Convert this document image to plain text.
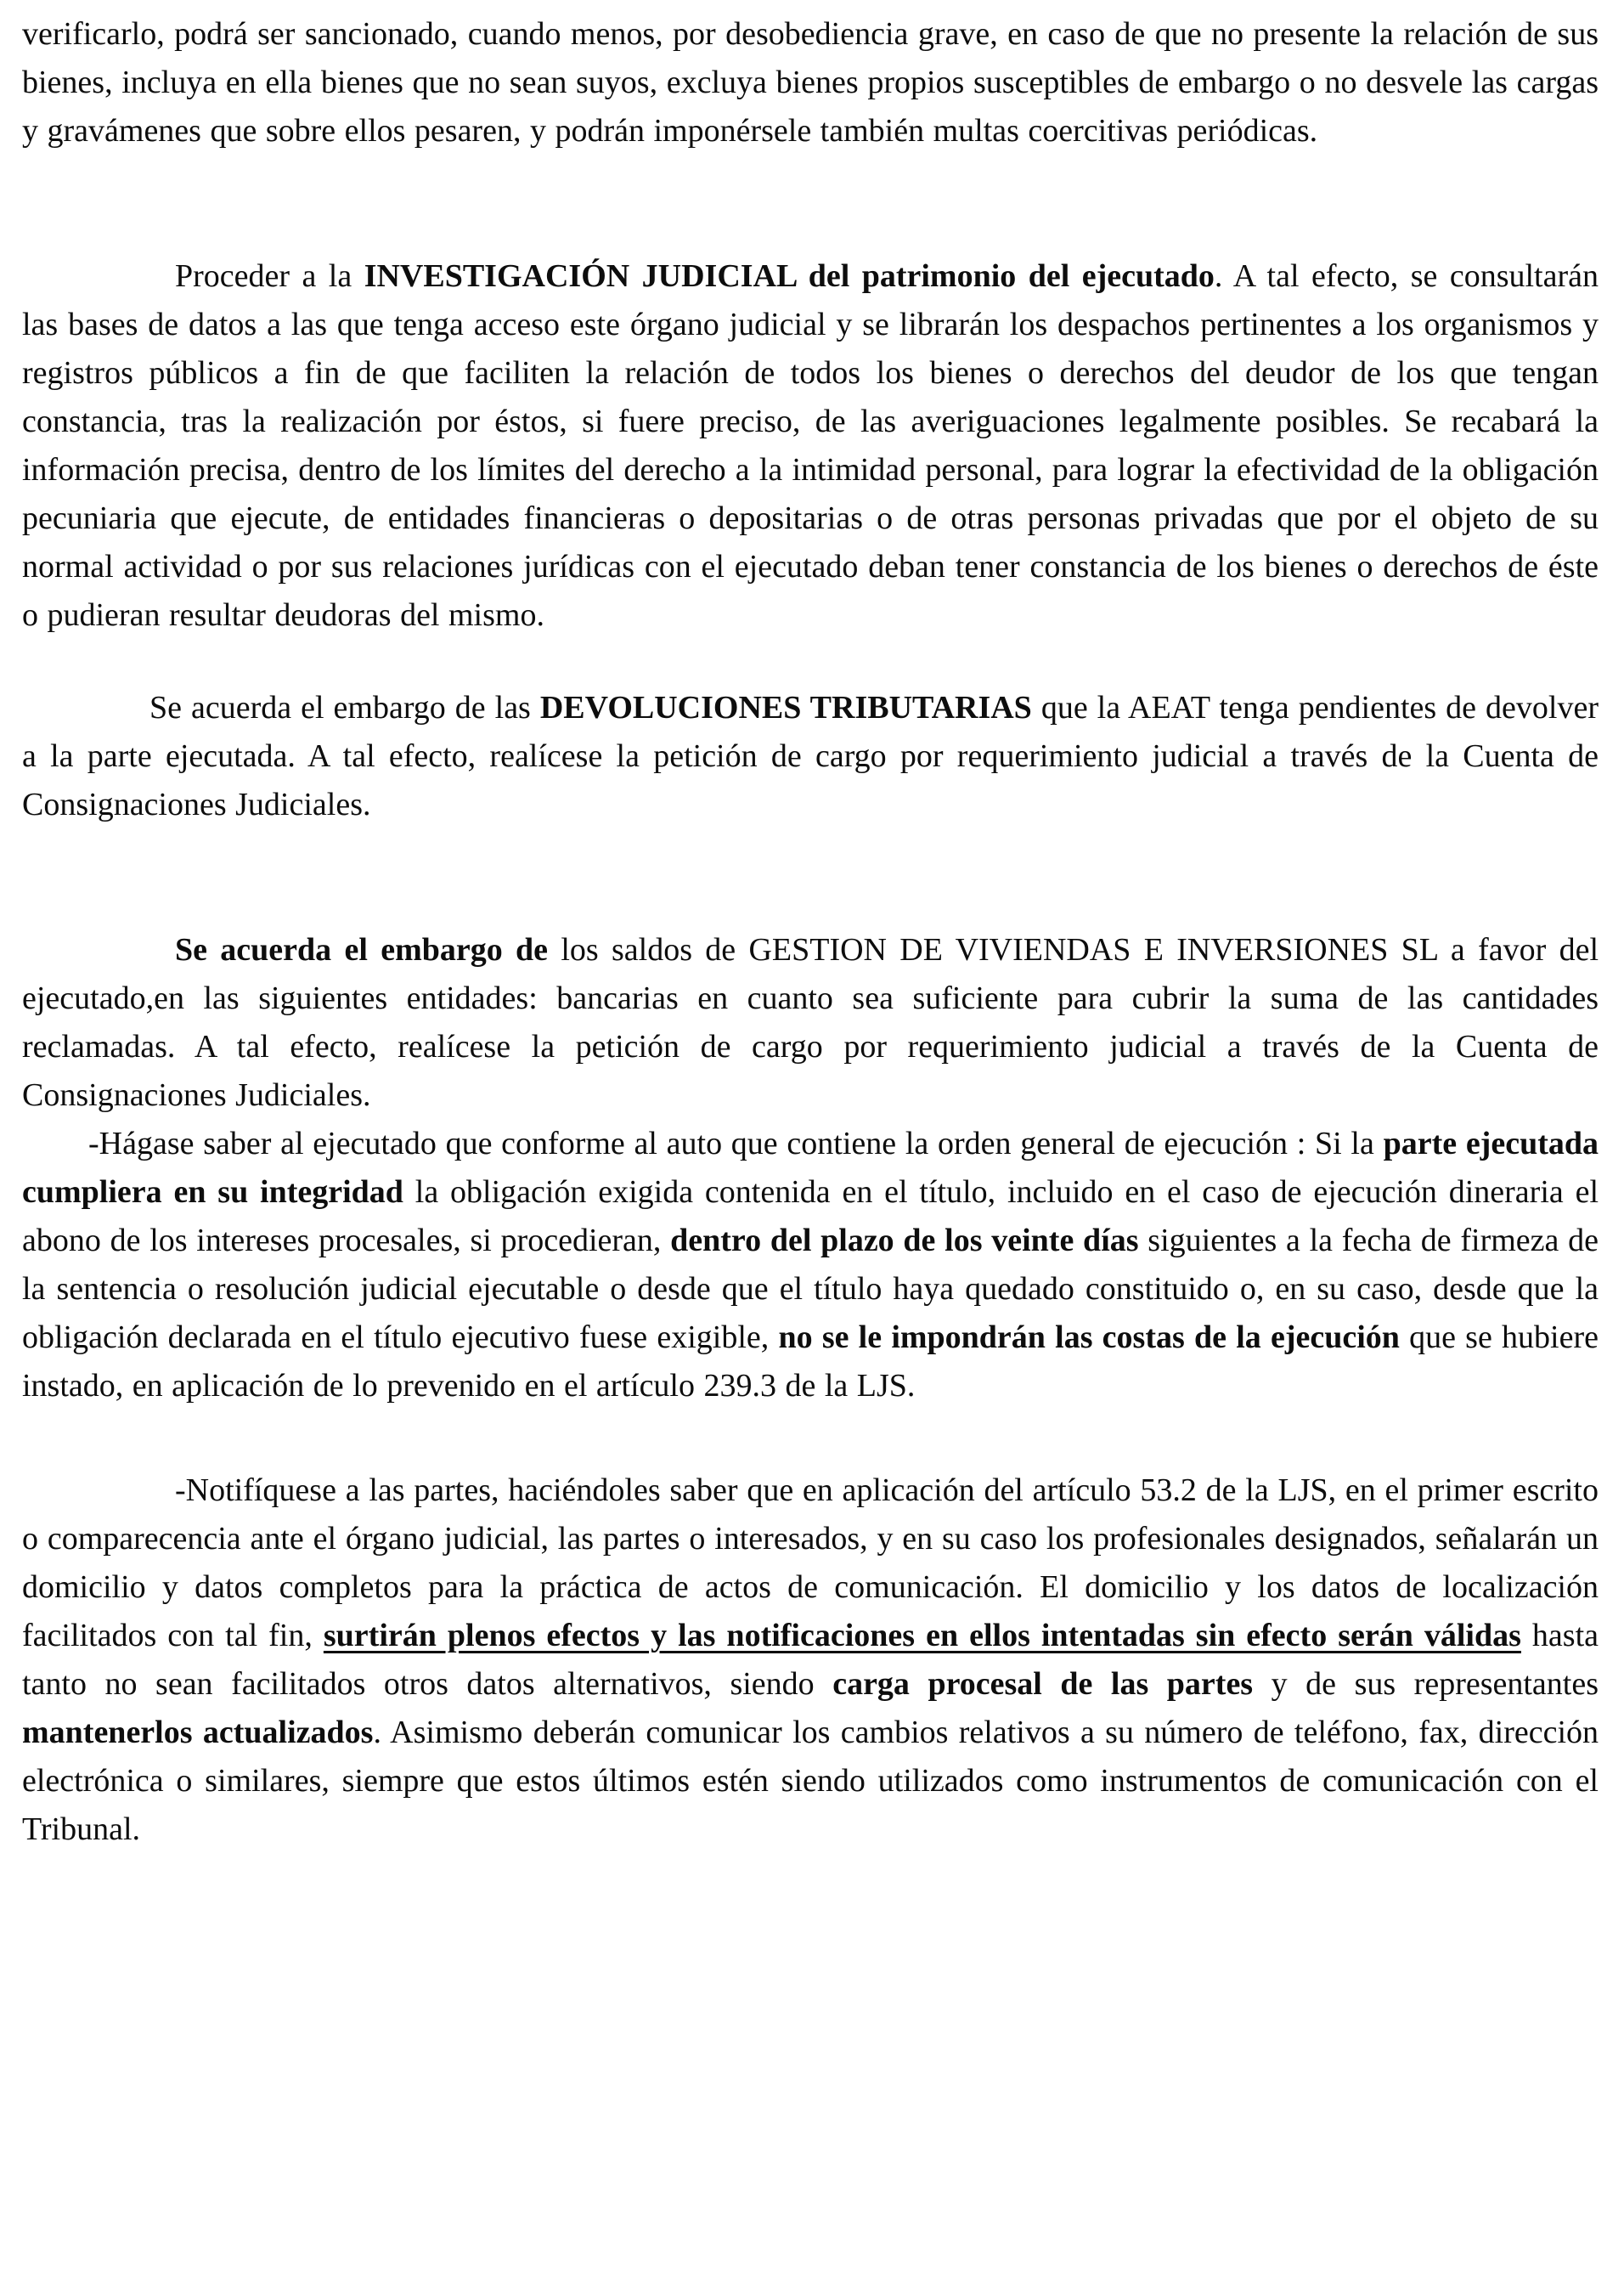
verificarlo, podrá ser sancionado, cuando menos, por desobediencia grave, en caso de que no presente la relación de sus bienes, incluya en ella bienes que no sean suyos, excluya bienes propios susceptibles de embargo o no desvele las cargas y gravámenes que sobre ellos pesaren, y podrán imponérsele también multas coercitivas periódicas.

Proceder a la INVESTIGACIÓN JUDICIAL del patrimonio del ejecutado. A tal efecto, se consultarán las bases de datos a las que tenga acceso este órgano judicial y se librarán los despachos pertinentes a los organismos y registros públicos a fin de que faciliten la relación de todos los bienes o derechos del deudor de los que tengan constancia, tras la realización por éstos, si fuere preciso, de las averiguaciones legalmente posibles. Se recabará la información precisa, dentro de los límites del derecho a la intimidad personal, para lograr la efectividad de la obligación pecuniaria que ejecute, de entidades financieras o depositarias o de otras personas privadas que por el objeto de su normal actividad o por sus relaciones jurídicas con el ejecutado deban tener constancia de los bienes o derechos de éste o pudieran resultar deudoras del mismo.

Se acuerda el embargo de las DEVOLUCIONES TRIBUTARIAS que la AEAT tenga pendientes de devolver a la parte ejecutada. A tal efecto, realícese la petición de cargo por requerimiento judicial a través de la Cuenta de Consignaciones Judiciales.

Se acuerda el embargo de los saldos de GESTION DE VIVIENDAS E INVERSIONES SL a favor del ejecutado,en las siguientes entidades: bancarias en cuanto sea suficiente para cubrir la suma de las cantidades reclamadas. A tal efecto, realícese la petición de cargo por requerimiento judicial a través de la Cuenta de Consignaciones Judiciales.

-Hágase saber al ejecutado que conforme al auto que contiene la orden general de ejecución : Si la parte ejecutada cumpliera en su integridad la obligación exigida contenida en el título, incluido en el caso de ejecución dineraria el abono de los intereses procesales, si procedieran, dentro del plazo de los veinte días siguientes a la fecha de firmeza de la sentencia o resolución judicial ejecutable o desde que el título haya quedado constituido o, en su caso, desde que la obligación declarada en el título ejecutivo fuese exigible, no se le impondrán las costas de la ejecución que se hubiere instado, en aplicación de lo prevenido en el artículo 239.3 de la LJS.

-Notifíquese a las partes, haciéndoles saber que en aplicación del artículo 53.2 de la LJS, en el primer escrito o comparecencia ante el órgano judicial, las partes o interesados, y en su caso los profesionales designados, señalarán un domicilio y datos completos para la práctica de actos de comunicación. El domicilio y los datos de localización facilitados con tal fin, surtirán plenos efectos y las notificaciones en ellos intentadas sin efecto serán válidas hasta tanto no sean facilitados otros datos alternativos, siendo carga procesal de las partes y de sus representantes mantenerlos actualizados. Asimismo deberán comunicar los cambios relativos a su número de teléfono, fax, dirección electrónica o similares, siempre que estos últimos estén siendo utilizados como instrumentos de comunicación con el Tribunal.
